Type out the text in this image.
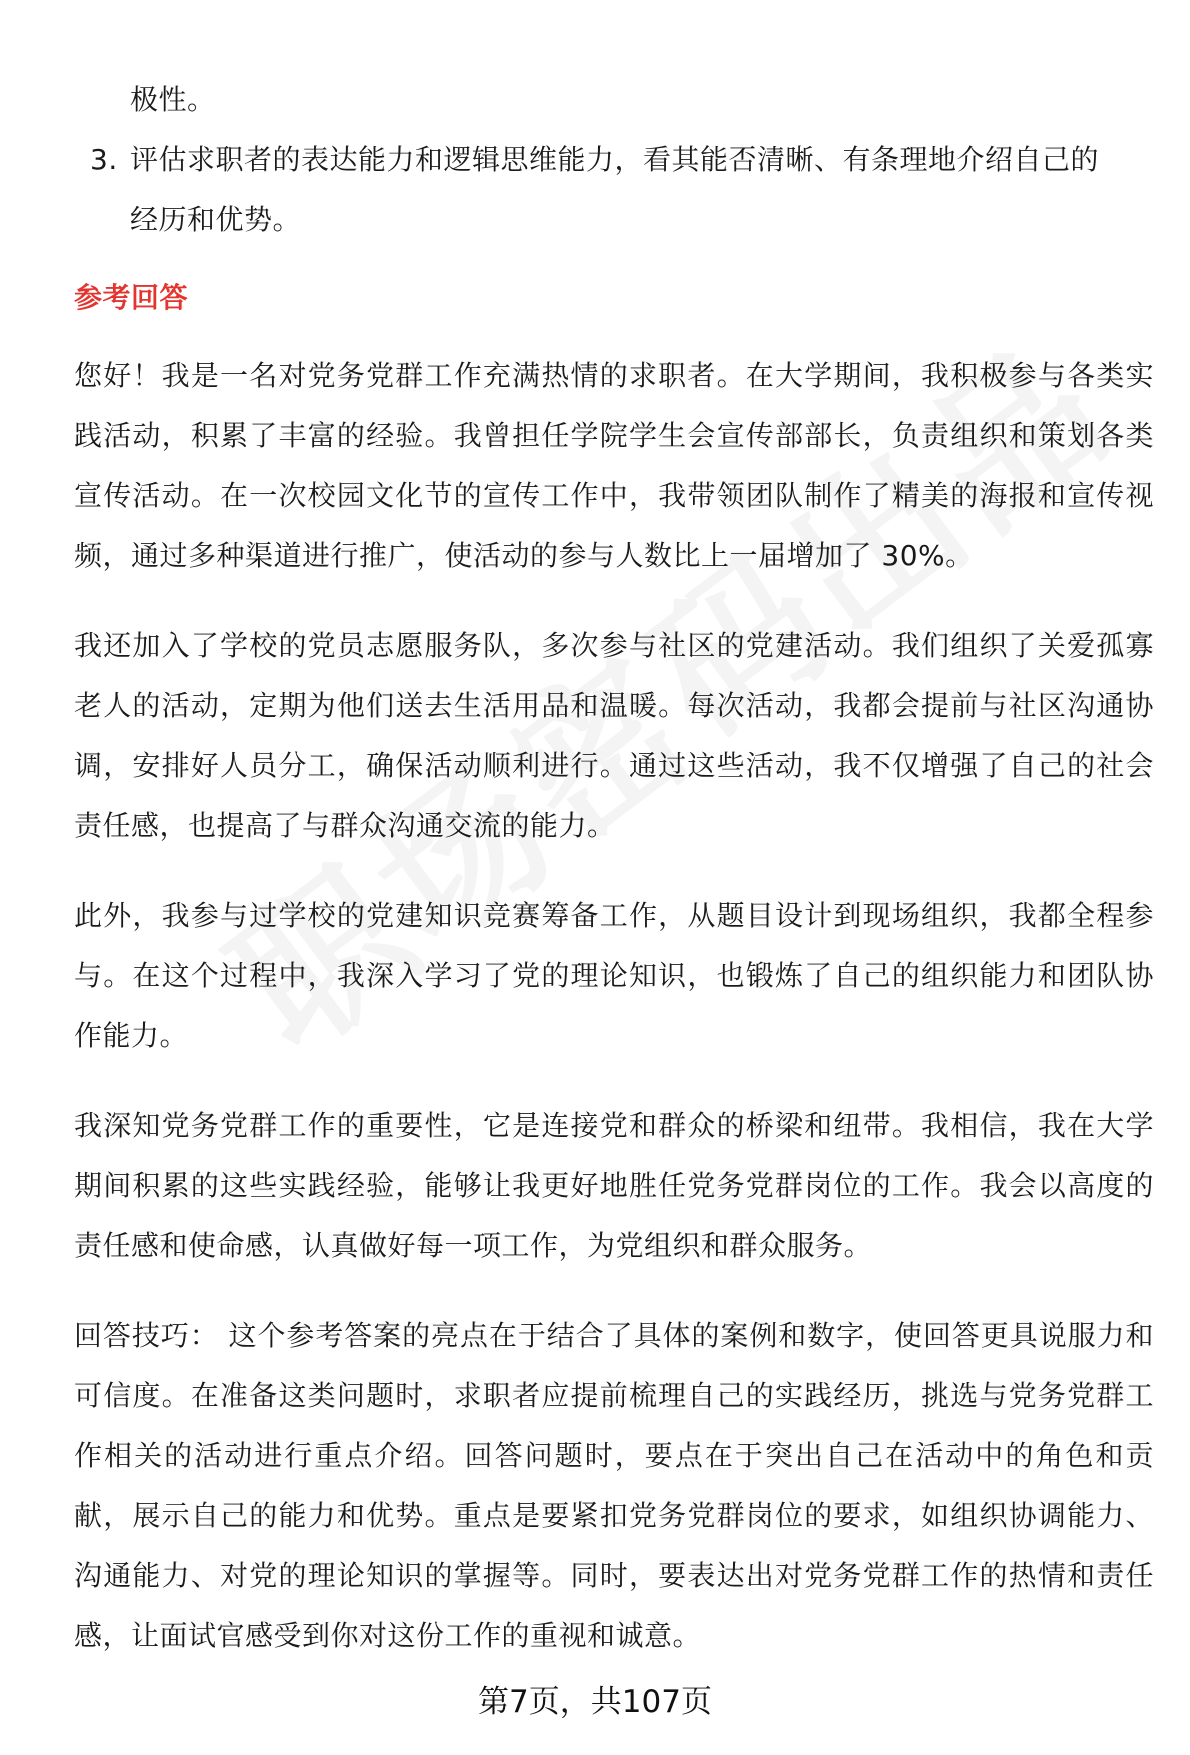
极性。

3. 评估求职者的表达能力和逻辑思维能力，看其能否清晰、有条理地介绍自己的
经历和优势。
参考回答

您好！我是一名对党务党群工作充满热情的求职者。在大学期间，我积极参与各类实践活动，积累了丰富的经验。我曾担任学院学生会宣传部部长，负责组织和策划各类宣传活动。在一次校园文化节的宣传工作中，我带领团队制作了精美的海报和宣传视频，通过多种渠道进行推广，使活动的参与人数比上一届增加了 30%。

我还加入了学校的党员志愿服务队，多次参与社区的党建活动。我们组织了关爱孤寡老人的活动，定期为他们送去生活用品和温暖。每次活动，我都会提前与社区沟通协调，安排好人员分工，确保活动顺利进行。通过这些活动，我不仅增强了自己的社会责任感，也提高了与群众沟通交流的能力。

此外，我参与过学校的党建知识竞赛筹备工作，从题目设计到现场组织，我都全程参与。在这个过程中，我深入学习了党的理论知识，也锻炼了自己的组织能力和团队协作能力。

我深知党务党群工作的重要性，它是连接党和群众的桥梁和纽带。我相信，我在大学期间积累的这些实践经验，能够让我更好地胜任党务党群岗位的工作。我会以高度的责任感和使命感，认真做好每一项工作，为党组织和群众服务。

回答技巧： 这个参考答案的亮点在于结合了具体的案例和数字，使回答更具说服力和可信度。在准备这类问题时，求职者应提前梳理自己的实践经历，挑选与党务党群工作相关的活动进行重点介绍。回答问题时，要点在于突出自己在活动中的角色和贡献，展示自己的能力和优势。重点是要紧扣党务党群岗位的要求，如组织协调能力、沟通能力、对党的理论知识的掌握等。同时，要表达出对党务党群工作的热情和责任感，让面试官感受到你对这份工作的重视和诚意。

第7页，共107页
